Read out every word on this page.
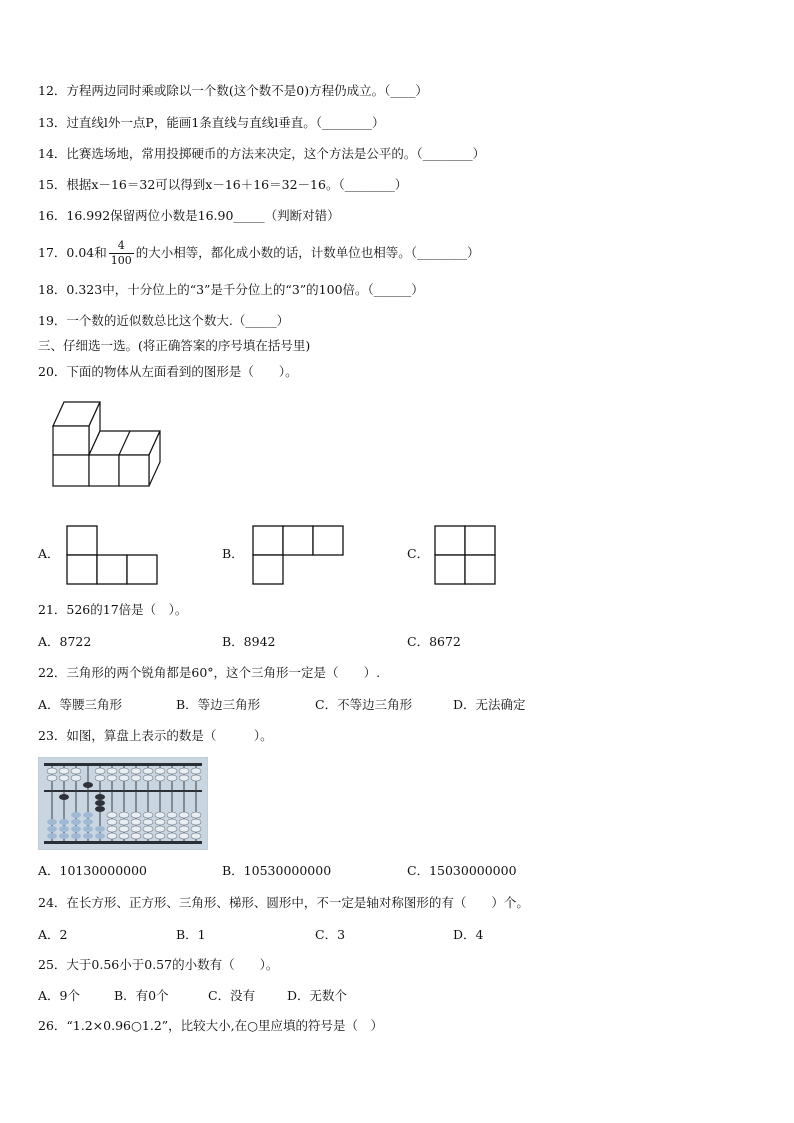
12．方程两边同时乘或除以一个数(这个数不是0)方程仍成立。（____）
13．过直线l外一点P，能画1条直线与直线l垂直。（________）
14．比赛选场地，常用投掷硬币的方法来决定，这个方法是公平的。（________）
15．根据x－16＝32可以得到x－16＋16＝32－16。（________）
16．16.992保留两位小数是16.90_____（判断对错）
17．0.04和 $\frac{4}{100}$ 的大小相等，都化成小数的话，计数单位也相等。（________）
18．0.323中，十分位上的“3”是千分位上的“3”的100倍。（______）
19．一个数的近似数总比这个数大.（_____）
三、仔细选一选。(将正确答案的序号填在括号里)
20．下面的物体从左面看到的图形是（　　）。
A．	B．	C．
21．526的17倍是（　）。
A．8722	B．8942	C．8672
22．三角形的两个锐角都是60°，这个三角形一定是（　　）.
A．等腰三角形	B．等边三角形	C．不等边三角形	D．无法确定
23．如图，算盘上表示的数是（　　　）。
A．10130000000	B．10530000000	C．15030000000
24．在长方形、正方形、三角形、梯形、圆形中，不一定是轴对称图形的有（　　）个。
A．2	B．1	C．3	D．4
25．大于0.56小于0.57的小数有（　　）。
A．9个	B．有0个	C．没有	D．无数个
26．“1.2×0.96○1.2”，比较大小,在○里应填的符号是（　）
